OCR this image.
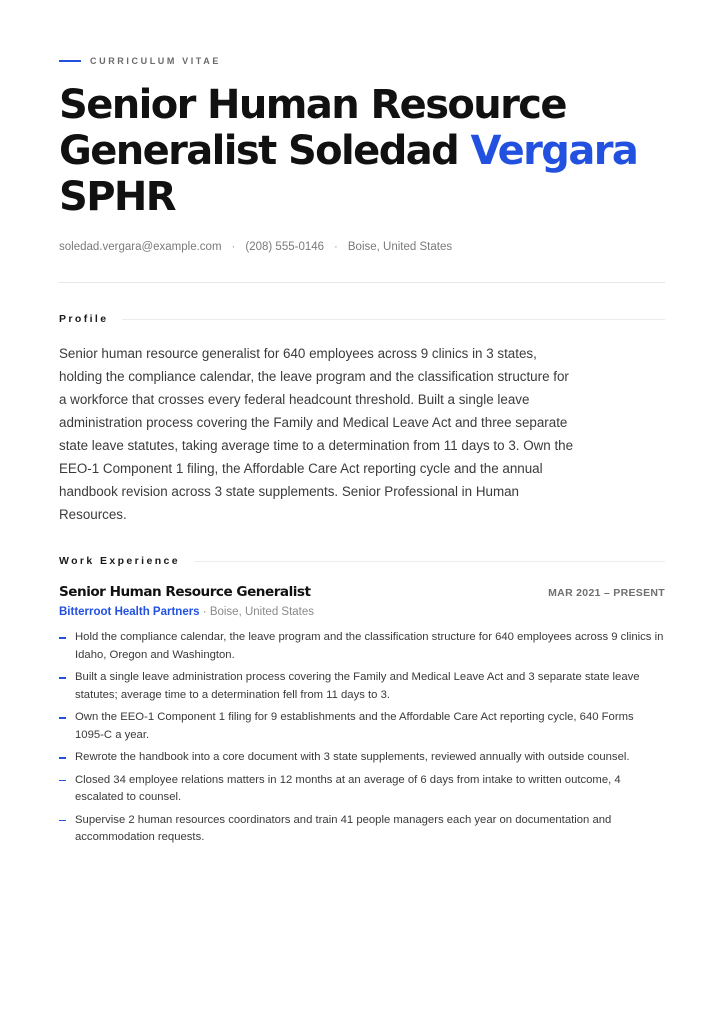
CURRICULUM VITAE
Senior Human Resource Generalist Soledad Vergara SPHR
soledad.vergara@example.com · (208) 555-0146 · Boise, United States
Profile

Senior human resource generalist for 640 employees across 9 clinics in 3 states, holding the compliance calendar, the leave program and the classification structure for a workforce that crosses every federal headcount threshold. Built a single leave administration process covering the Family and Medical Leave Act and three separate state leave statutes, taking average time to a determination from 11 days to 3. Own the EEO-1 Component 1 filing, the Affordable Care Act reporting cycle and the annual handbook revision across 3 state supplements. Senior Professional in Human Resources.

Work Experience
Senior Human Resource Generalist	MAR 2021 – PRESENT
Bitterroot Health Partners · Boise, United States
Hold the compliance calendar, the leave program and the classification structure for 640 employees across 9 clinics in Idaho, Oregon and Washington.
Built a single leave administration process covering the Family and Medical Leave Act and 3 separate state leave statutes; average time to a determination fell from 11 days to 3.
Own the EEO-1 Component 1 filing for 9 establishments and the Affordable Care Act reporting cycle, 640 Forms 1095-C a year.
Rewrote the handbook into a core document with 3 state supplements, reviewed annually with outside counsel.
Closed 34 employee relations matters in 12 months at an average of 6 days from intake to written outcome, 4 escalated to counsel.
Supervise 2 human resources coordinators and train 41 people managers each year on documentation and accommodation requests.
